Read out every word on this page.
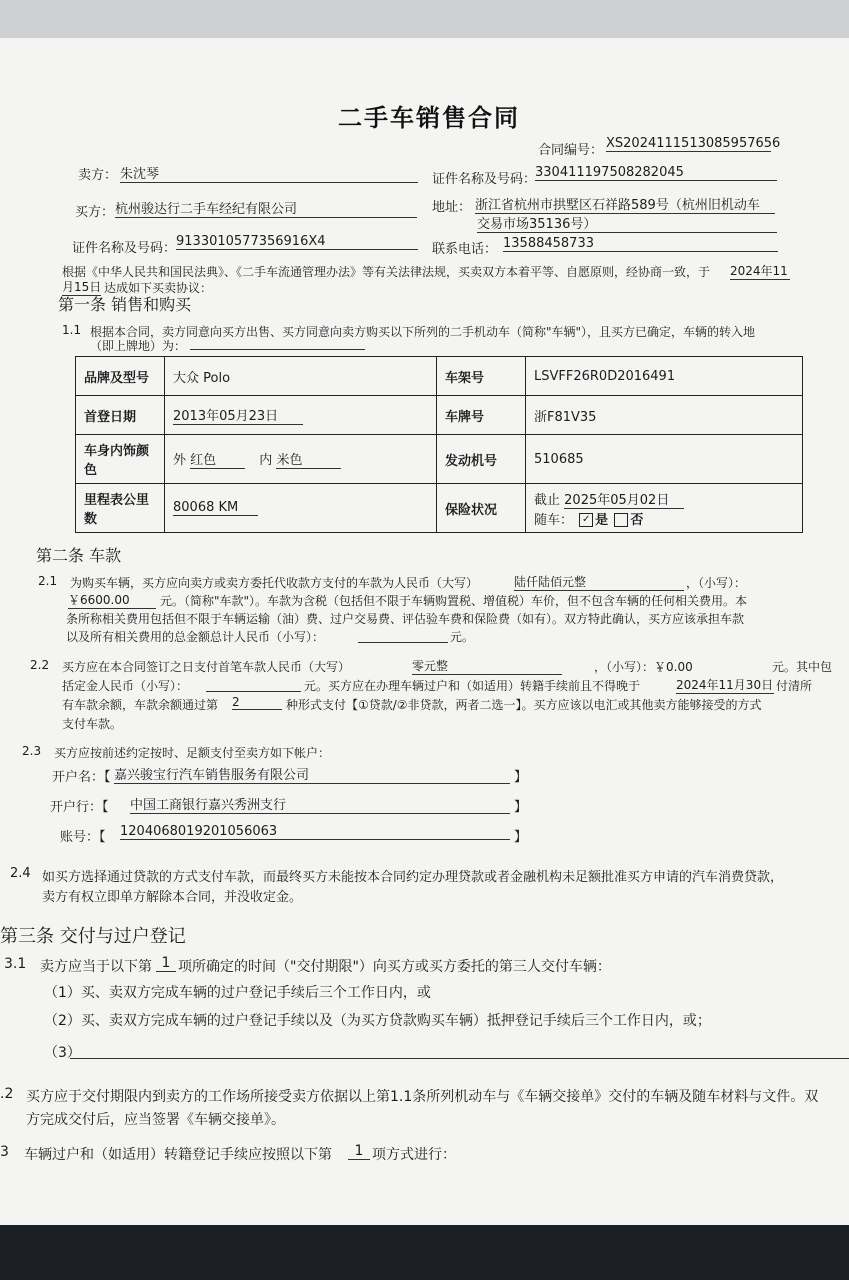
二手车销售合同
合同编号： XS20241115130859576​56
卖方： 朱沈琴	证件名称及号码：
330411197508282045
买方： 杭州骏达行二手车经纪有限公司	地址： 浙江省杭州市拱墅区石祥路589号（杭州旧机动车
交易市场35136号）
证件名称及号码： 913301057735​6916X4
联系电话： 13588458733
根据《中华人民共和国民法典》、《二手车流通管理办法》等有关法律法规，买卖双方本着平等、自愿原则，经协商一致，于 2024年11
月15日 达成如下买卖协议：
第一条 销售和购买
1.1 根据本合同，卖方同意向买方出售、买方同意向卖方购买以下所列的二手机动车（简称"车辆"），且买方已确定，车辆的转入地
（即上牌地）为：
品牌及型号	大众 Polo	车架号	LSVFF26R0D2016491
首登日期	2013年05月23日	车牌号	浙F81V35
车身内饰颜色	外 红色 内 米色	发动机号	510685
里程表公里数	80068 KM	保险状况	截止 2025年05月02日
随车： ✓ 是 否
第二条 车款
2.1 为购买车辆，买方应向卖方或卖方委托代收款方支付的车款为人民币（大写）	陆仟陆佰元整	，（小写）：
￥6600.00	元。（简称"车款"）。车款为含税（包括但不限于车辆购置税、增值税）车价，但不包含车辆的任何相关费用。本
条所称相关费用包括但不限于车辆运输（油）费、过户交易费、评估验车费和保险费（如有）。双方特此确认，买方应该承担车款
以及所有相关费用的总金额总计人民币（小写）：	元。
2.2 买方应在本合同签订之日支付首笔车款人民币（大写）	零元整	，（小写）：￥0.00	元。其中包
括定金人民币（小写）：	元。买方应在办理车辆过户和（如适用）转籍手续前且不得晚于	2024年11月30日 付清所
有车款余额，车款余额通过第 2	种形式支付【①贷款/②非贷款，两者二选一】。买方应该以电汇或其他卖方能够接受的方式
支付车款。
2.3 买方应按前述约定按时、足额支付至卖方如下帐户：
开户名：【 嘉兴骏宝行汽车销售服务有限公司	】
开户行：【 中国工商银行嘉兴秀洲支行	】
账号：【 1204068019201056063	】
2.4 如买方选择通过贷款的方式支付车款，而最终买方未能按本合同约定办理贷款或者金融机构未足额批准买方申请的汽车消费贷款，
卖方有权立即单方解除本合同，并没收定金。
第三条 交付与过户登记
3.1 卖方应当于以下第 1 项所确定的时间（"交付期限"）向买方或买方委托的第三人交付车辆：
（1）买、卖双方完成车辆的过户登记手续后三个工作日内，或
（2）买、卖双方完成车辆的过户登记手续以及（为买方贷款购买车辆）抵押登记手续后三个工作日内，或；
（3）
.2 买方应于交付期限内到卖方的工作场所接受卖方依据以上第1.1条所列机动车与《车辆交接单》交付的车辆及随车材料与文件。双
方完成交付后，应当签署《车辆交接单》。
3 车辆过户和（如适用）转籍登记手续应按照以下第	1 项方式进行：
